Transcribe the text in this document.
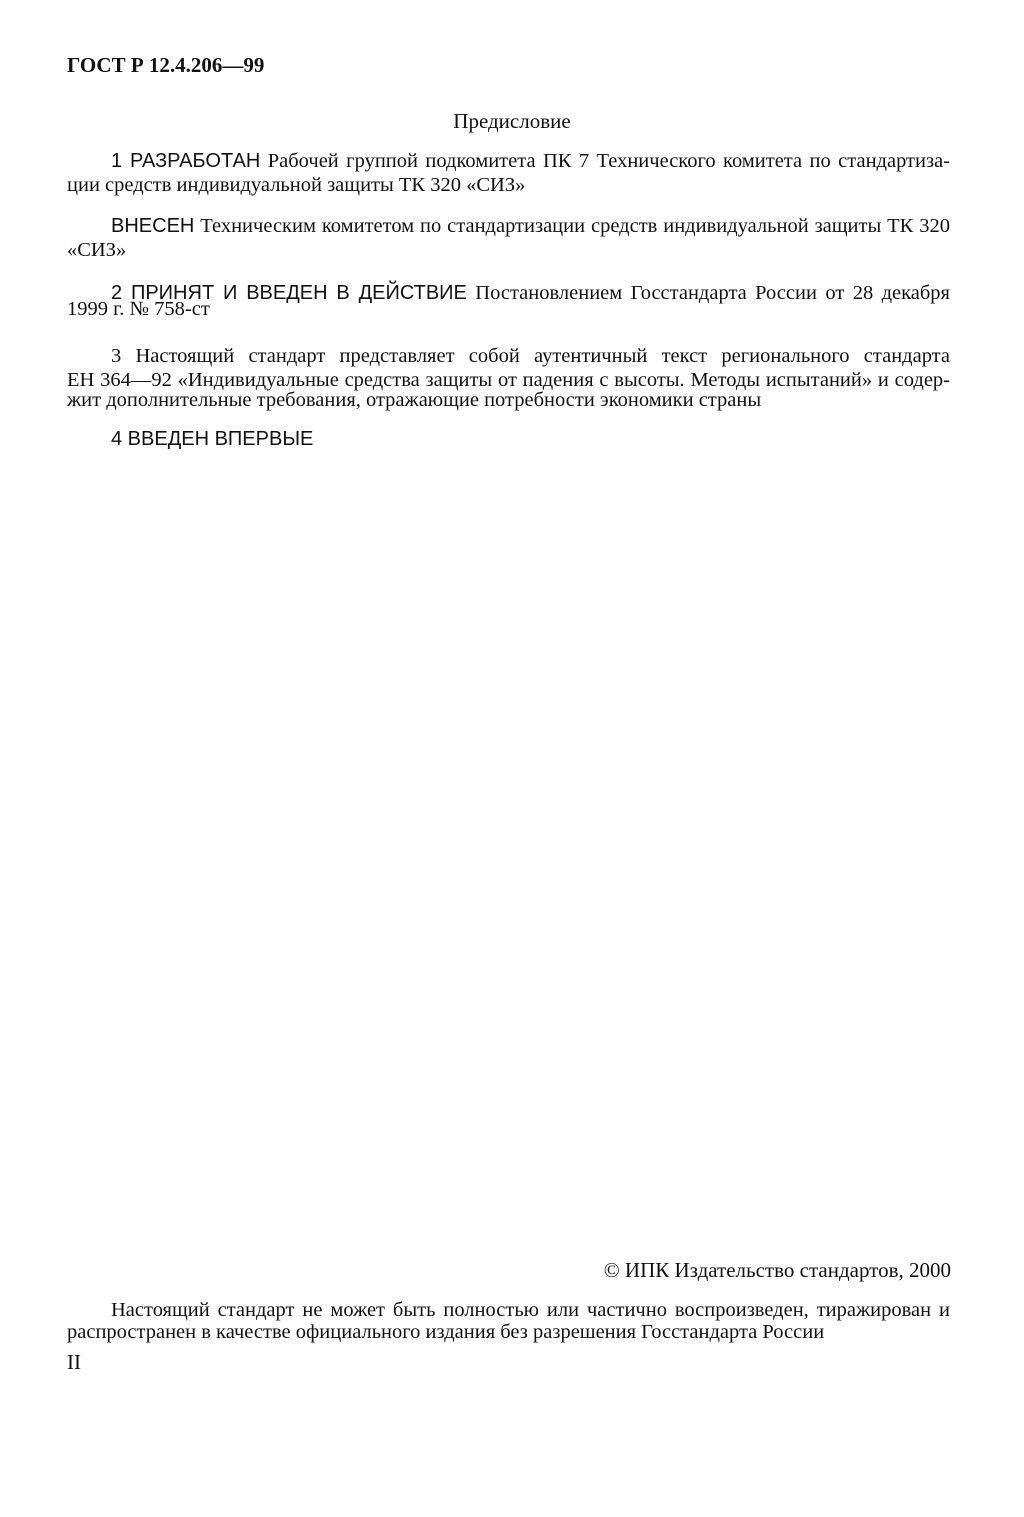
ГОСТ Р 12.4.206—99
Предисловие

1 РАЗРАБОТАН Рабочей группой подкомитета ПК 7 Технического комитета по стандартиза-

ции средств индивидуальной защиты ТК 320 «СИЗ»

ВНЕСЕН Техническим комитетом по стандартизации средств индивидуальной защиты ТК 320

«СИЗ»

2 ПРИНЯТ И ВВЕДЕН В ДЕЙСТВИЕ Постановлением Госстандарта России от 28 декабря

1999 г. № 758-ст

3 Настоящий стандарт представляет собой аутентичный текст регионального стандарта

ЕН 364—92 «Индивидуальные средства защиты от падения с высоты. Методы испытаний» и содер-

жит дополнительные требования, отражающие потребности экономики страны

4 ВВЕДЕН ВПЕРВЫЕ

© ИПК Издательство стандартов, 2000

Настоящий стандарт не может быть полностью или частично воспроизведен, тиражирован и

распространен в качестве официального издания без разрешения Госстандарта России

II
